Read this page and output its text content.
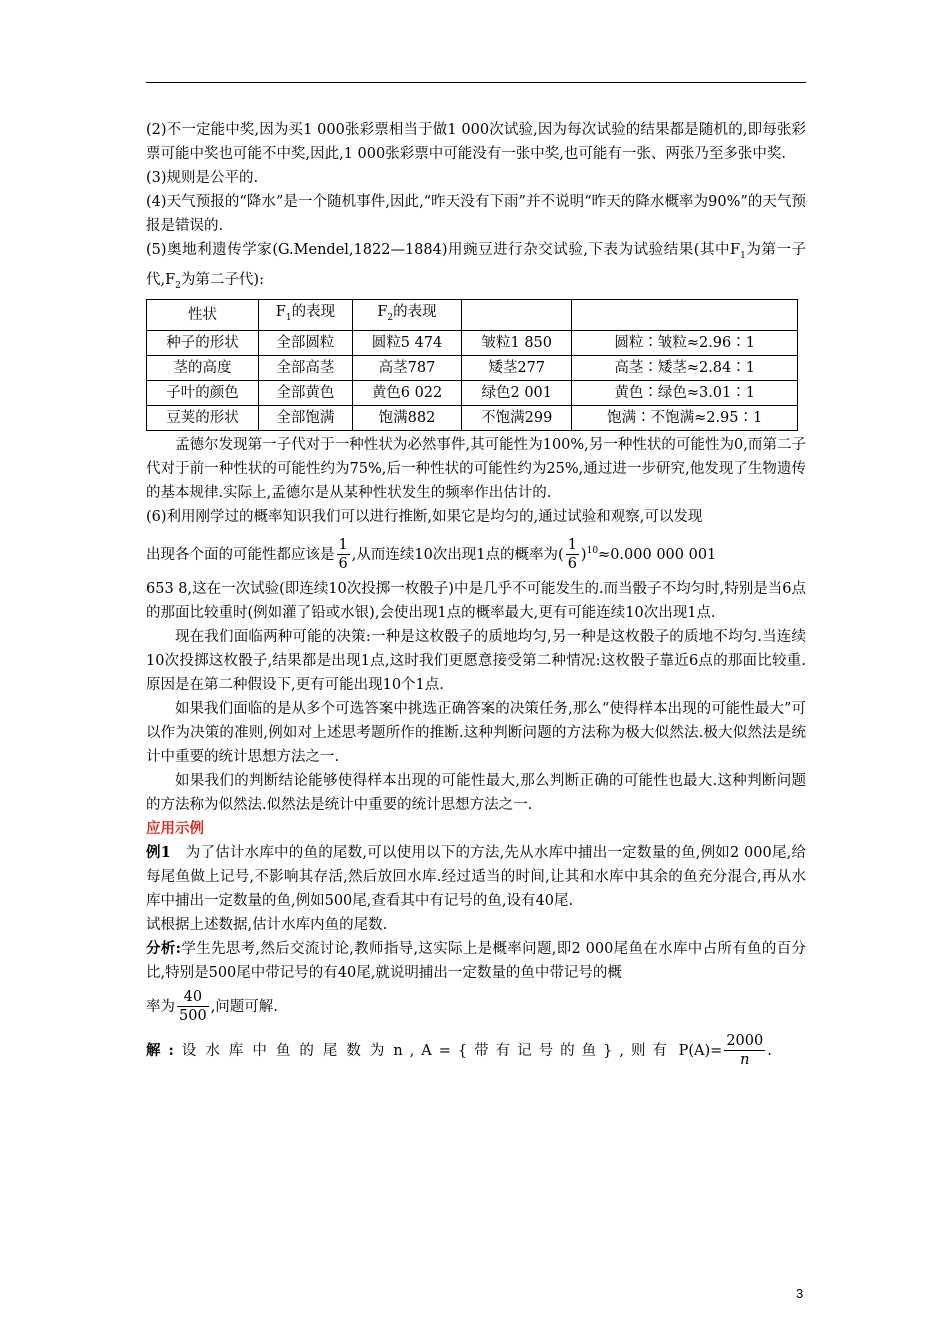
(2)不一定能中奖,因为买1 000张彩票相当于做1 000次试验,因为每次试验的结果都是随机的,即每张彩票可能中奖也可能不中奖,因此,1 000张彩票中可能没有一张中奖,也可能有一张、两张乃至多张中奖.

(3)规则是公平的.

(4)天气预报的“降水”是一个随机事件,因此,“昨天没有下雨”并不说明“昨天的降水概率为90%”的天气预报是错误的.

(5)奥地利遗传学家(G.Mendel,1822—1884)用豌豆进行杂交试验,下表为试验结果(其中$F_1$为第一子代$,F_2$为第二子代):

性状	$F_1$的表现	$F_2$的表现		
种子的形状	全部圆粒	圆粒5 474	皱粒1 850	圆粒∶皱粒≈2.96∶1
茎的高度	全部高茎	高茎787	矮茎277	高茎∶矮茎≈2.84∶1
子叶的颜色	全部黄色	黄色6 022	绿色2 001	黄色∶绿色≈3.01∶1
豆荚的形状	全部饱满	饱满882	不饱满299	饱满∶不饱满≈2.95∶1

孟德尔发现第一子代对于一种性状为必然事件,其可能性为100%,另一种性状的可能性为0,而第二子代对于前一种性状的可能性约为75%,后一种性状的可能性约为25%,通过进一步研究,他发现了生物遗传的基本规律.实际上,孟德尔是从某种性状发生的频率作出估计的.

(6)利用刚学过的概率知识我们可以进行推断,如果它是均匀的,通过试验和观察,可以发现

出现各个面的可能性都应该是 $\frac{1}{6}$ ,从而连续10次出现1点的概率为( $\frac{1}{6} )^{10}\approx 0.000$ 000 001

653 8,这在一次试验(即连续10次投掷一枚骰子)中是几乎不可能发生的.而当骰子不均匀时,特别是当6点的那面比较重时(例如灌了铅或水银),会使出现1点的概率最大,更有可能连续10次出现1点.

现在我们面临两种可能的决策:一种是这枚骰子的质地均匀,另一种是这枚骰子的质地不均匀.当连续10次投掷这枚骰子,结果都是出现1点,这时我们更愿意接受第二种情况:这枚骰子靠近6点的那面比较重.原因是在第二种假设下,更有可能出现10个1点.

如果我们面临的是从多个可选答案中挑选正确答案的决策任务,那么“使得样本出现的可能性最大”可以作为决策的准则,例如对上述思考题所作的推断.这种判断问题的方法称为极大似然法.极大似然法是统计中重要的统计思想方法之一.

如果我们的判断结论能够使得样本出现的可能性最大,那么判断正确的可能性也最大.这种判断问题的方法称为似然法.似然法是统计中重要的统计思想方法之一.

应用示例

例1　为了估计水库中的鱼的尾数,可以使用以下的方法,先从水库中捕出一定数量的鱼,例如2 000尾,给每尾鱼做上记号,不影响其存活,然后放回水库.经过适当的时间,让其和水库中其余的鱼充分混合,再从水库中捕出一定数量的鱼,例如500尾,查看其中有记号的鱼,设有40尾.

试根据上述数据,估计水库内鱼的尾数.

分析:学生先思考,然后交流讨论,教师指导,这实际上是概率问题,即2 000尾鱼在水库中占所有鱼的百分比,特别是500尾中带记号的有40尾,就说明捕出一定数量的鱼中带记号的概

率为 $\frac{40}{500}$ ,问题可解.

解 : 设水库中鱼的尾数为n,A={带有记号的鱼},则有 $P(A)= \frac{2000}{n}$ .

3
